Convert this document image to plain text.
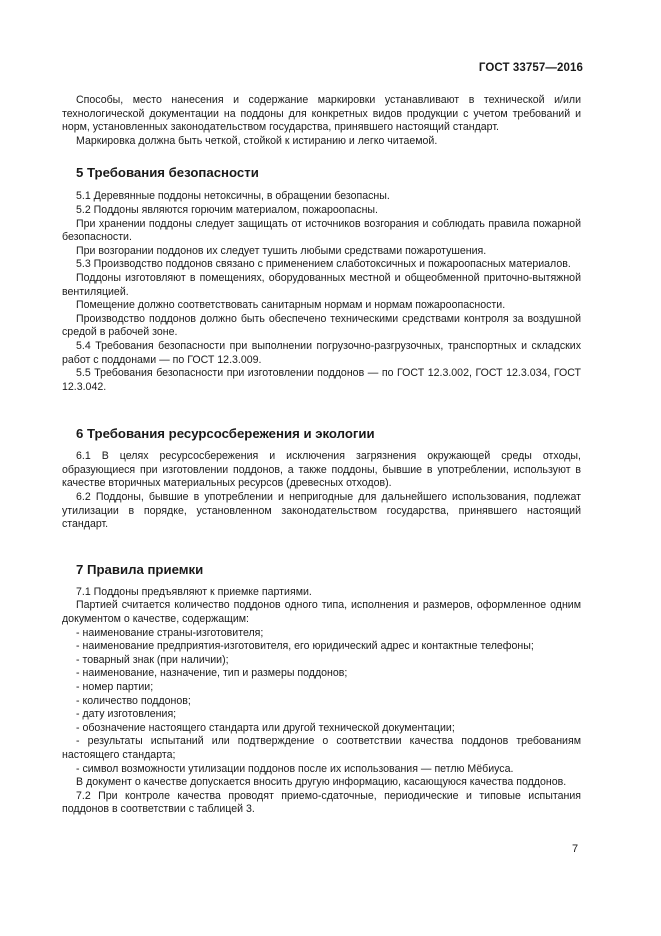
ГОСТ 33757—2016

Способы, место нанесения и содержание маркировки устанавливают в технической и/или технологической документации на поддоны для конкретных видов продукции с учетом требований и норм, установленных законодательством государства, принявшего настоящий стандарт.

Маркировка должна быть четкой, стойкой к истиранию и легко читаемой.

5 Требования безопасности

5.1 Деревянные поддоны нетоксичны, в обращении безопасны.

5.2 Поддоны являются горючим материалом, пожароопасны.

При хранении поддоны следует защищать от источников возгорания и соблюдать правила пожарной безопасности.

При возгорании поддонов их следует тушить любыми средствами пожаротушения.

5.3 Производство поддонов связано с применением слаботоксичных и пожароопасных материалов.

Поддоны изготовляют в помещениях, оборудованных местной и общеобменной приточно-вытяжной вентиляцией.

Помещение должно соответствовать санитарным нормам и нормам пожароопасности.

Производство поддонов должно быть обеспечено техническими средствами контроля за воздушной средой в рабочей зоне.

5.4 Требования безопасности при выполнении погрузочно-разгрузочных, транспортных и складских работ с поддонами — по ГОСТ 12.3.009.

5.5 Требования безопасности при изготовлении поддонов — по ГОСТ 12.3.002, ГОСТ 12.3.034, ГОСТ 12.3.042.

6 Требования ресурсосбережения и экологии

6.1 В целях ресурсосбережения и исключения загрязнения окружающей среды отходы, образующиеся при изготовлении поддонов, а также поддоны, бывшие в употреблении, используют в качестве вторичных материальных ресурсов (древесных отходов).

6.2 Поддоны, бывшие в употреблении и непригодные для дальнейшего использования, подлежат утилизации в порядке, установленном законодательством государства, принявшего настоящий стандарт.

7 Правила приемки

7.1 Поддоны предъявляют к приемке партиями.

Партией считается количество поддонов одного типа, исполнения и размеров, оформленное одним документом о качестве, содержащим:

- наименование страны-изготовителя;

- наименование предприятия-изготовителя, его юридический адрес и контактные телефоны;

- товарный знак (при наличии);

- наименование, назначение, тип и размеры поддонов;

- номер партии;

- количество поддонов;

- дату изготовления;

- обозначение настоящего стандарта или другой технической документации;

- результаты испытаний или подтверждение о соответствии качества поддонов требованиям настоящего стандарта;

- символ возможности утилизации поддонов после их использования — петлю Мёбиуса.

В документ о качестве допускается вносить другую информацию, касающуюся качества поддонов.

7.2 При контроле качества проводят приемо-сдаточные, периодические и типовые испытания поддонов в соответствии с таблицей 3.

7
